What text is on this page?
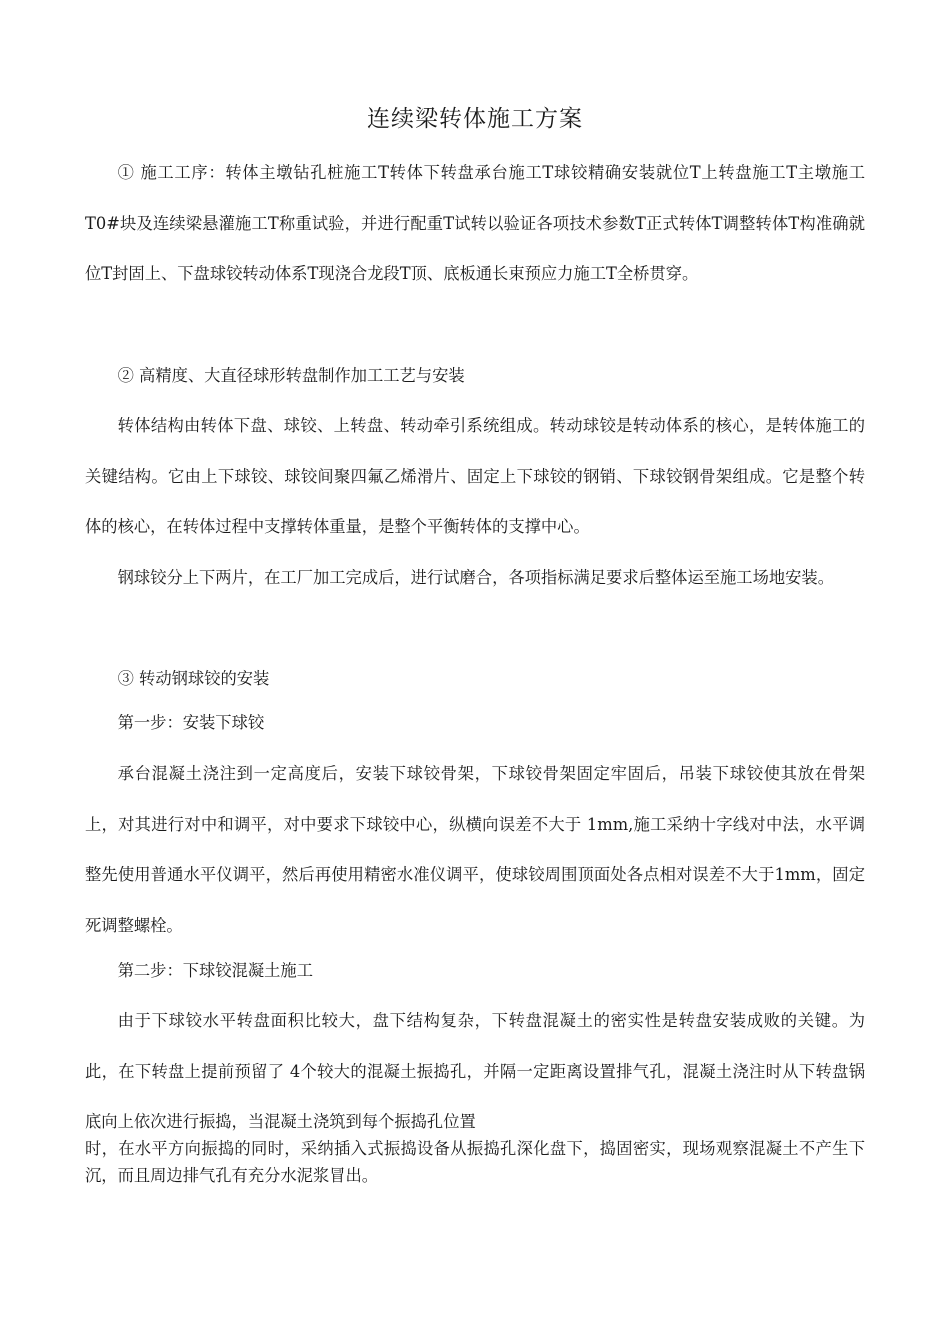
连续梁转体施工方案

① 施工工序：转体主墩钻孔桩施工T转体下转盘承台施工T球铰精确安装就位T上转盘施工T主墩施工T0#块及连续梁悬灌施工T称重试验，并进行配重T试转以验证各项技术参数T正式转体T调整转体T构准确就位T封固上、下盘球铰转动体系T现浇合龙段T顶、底板通长束预应力施工T全桥贯穿。

② 高精度、大直径球形转盘制作加工工艺与安装

转体结构由转体下盘、球铰、上转盘、转动牵引系统组成。转动球铰是转动体系的核心，是转体施工的关键结构。它由上下球铰、球铰间聚四氟乙烯滑片、固定上下球铰的钢销、下球铰钢骨架组成。它是整个转体的核心，在转体过程中支撑转体重量，是整个平衡转体的支撑中心。

钢球铰分上下两片，在工厂加工完成后，进行试磨合，各项指标满足要求后整体运至施工场地安装。

③ 转动钢球铰的安装

第一步：安装下球铰

承台混凝土浇注到一定高度后，安装下球铰骨架，下球铰骨架固定牢固后，吊装下球铰使其放在骨架上，对其进行对中和调平，对中要求下球铰中心，纵横向误差不大于 1mm,施工采纳十字线对中法，水平调整先使用普通水平仪调平，然后再使用精密水准仪调平，使球铰周围顶面处各点相对误差不大于1mm，固定死调整螺栓。

第二步：下球铰混凝土施工

由于下球铰水平转盘面积比较大，盘下结构复杂，下转盘混凝土的密实性是转盘安装成败的关键。为此，在下转盘上提前预留了 4个较大的混凝土振捣孔，并隔一定距离设置排气孔，混凝土浇注时从下转盘锅底向上依次进行振捣，当混凝土浇筑到每个振捣孔位置

时，在水平方向振捣的同时，采纳插入式振捣设备从振捣孔深化盘下，捣固密实，现场观察混凝土不产生下沉，而且周边排气孔有充分水泥浆冒出。
